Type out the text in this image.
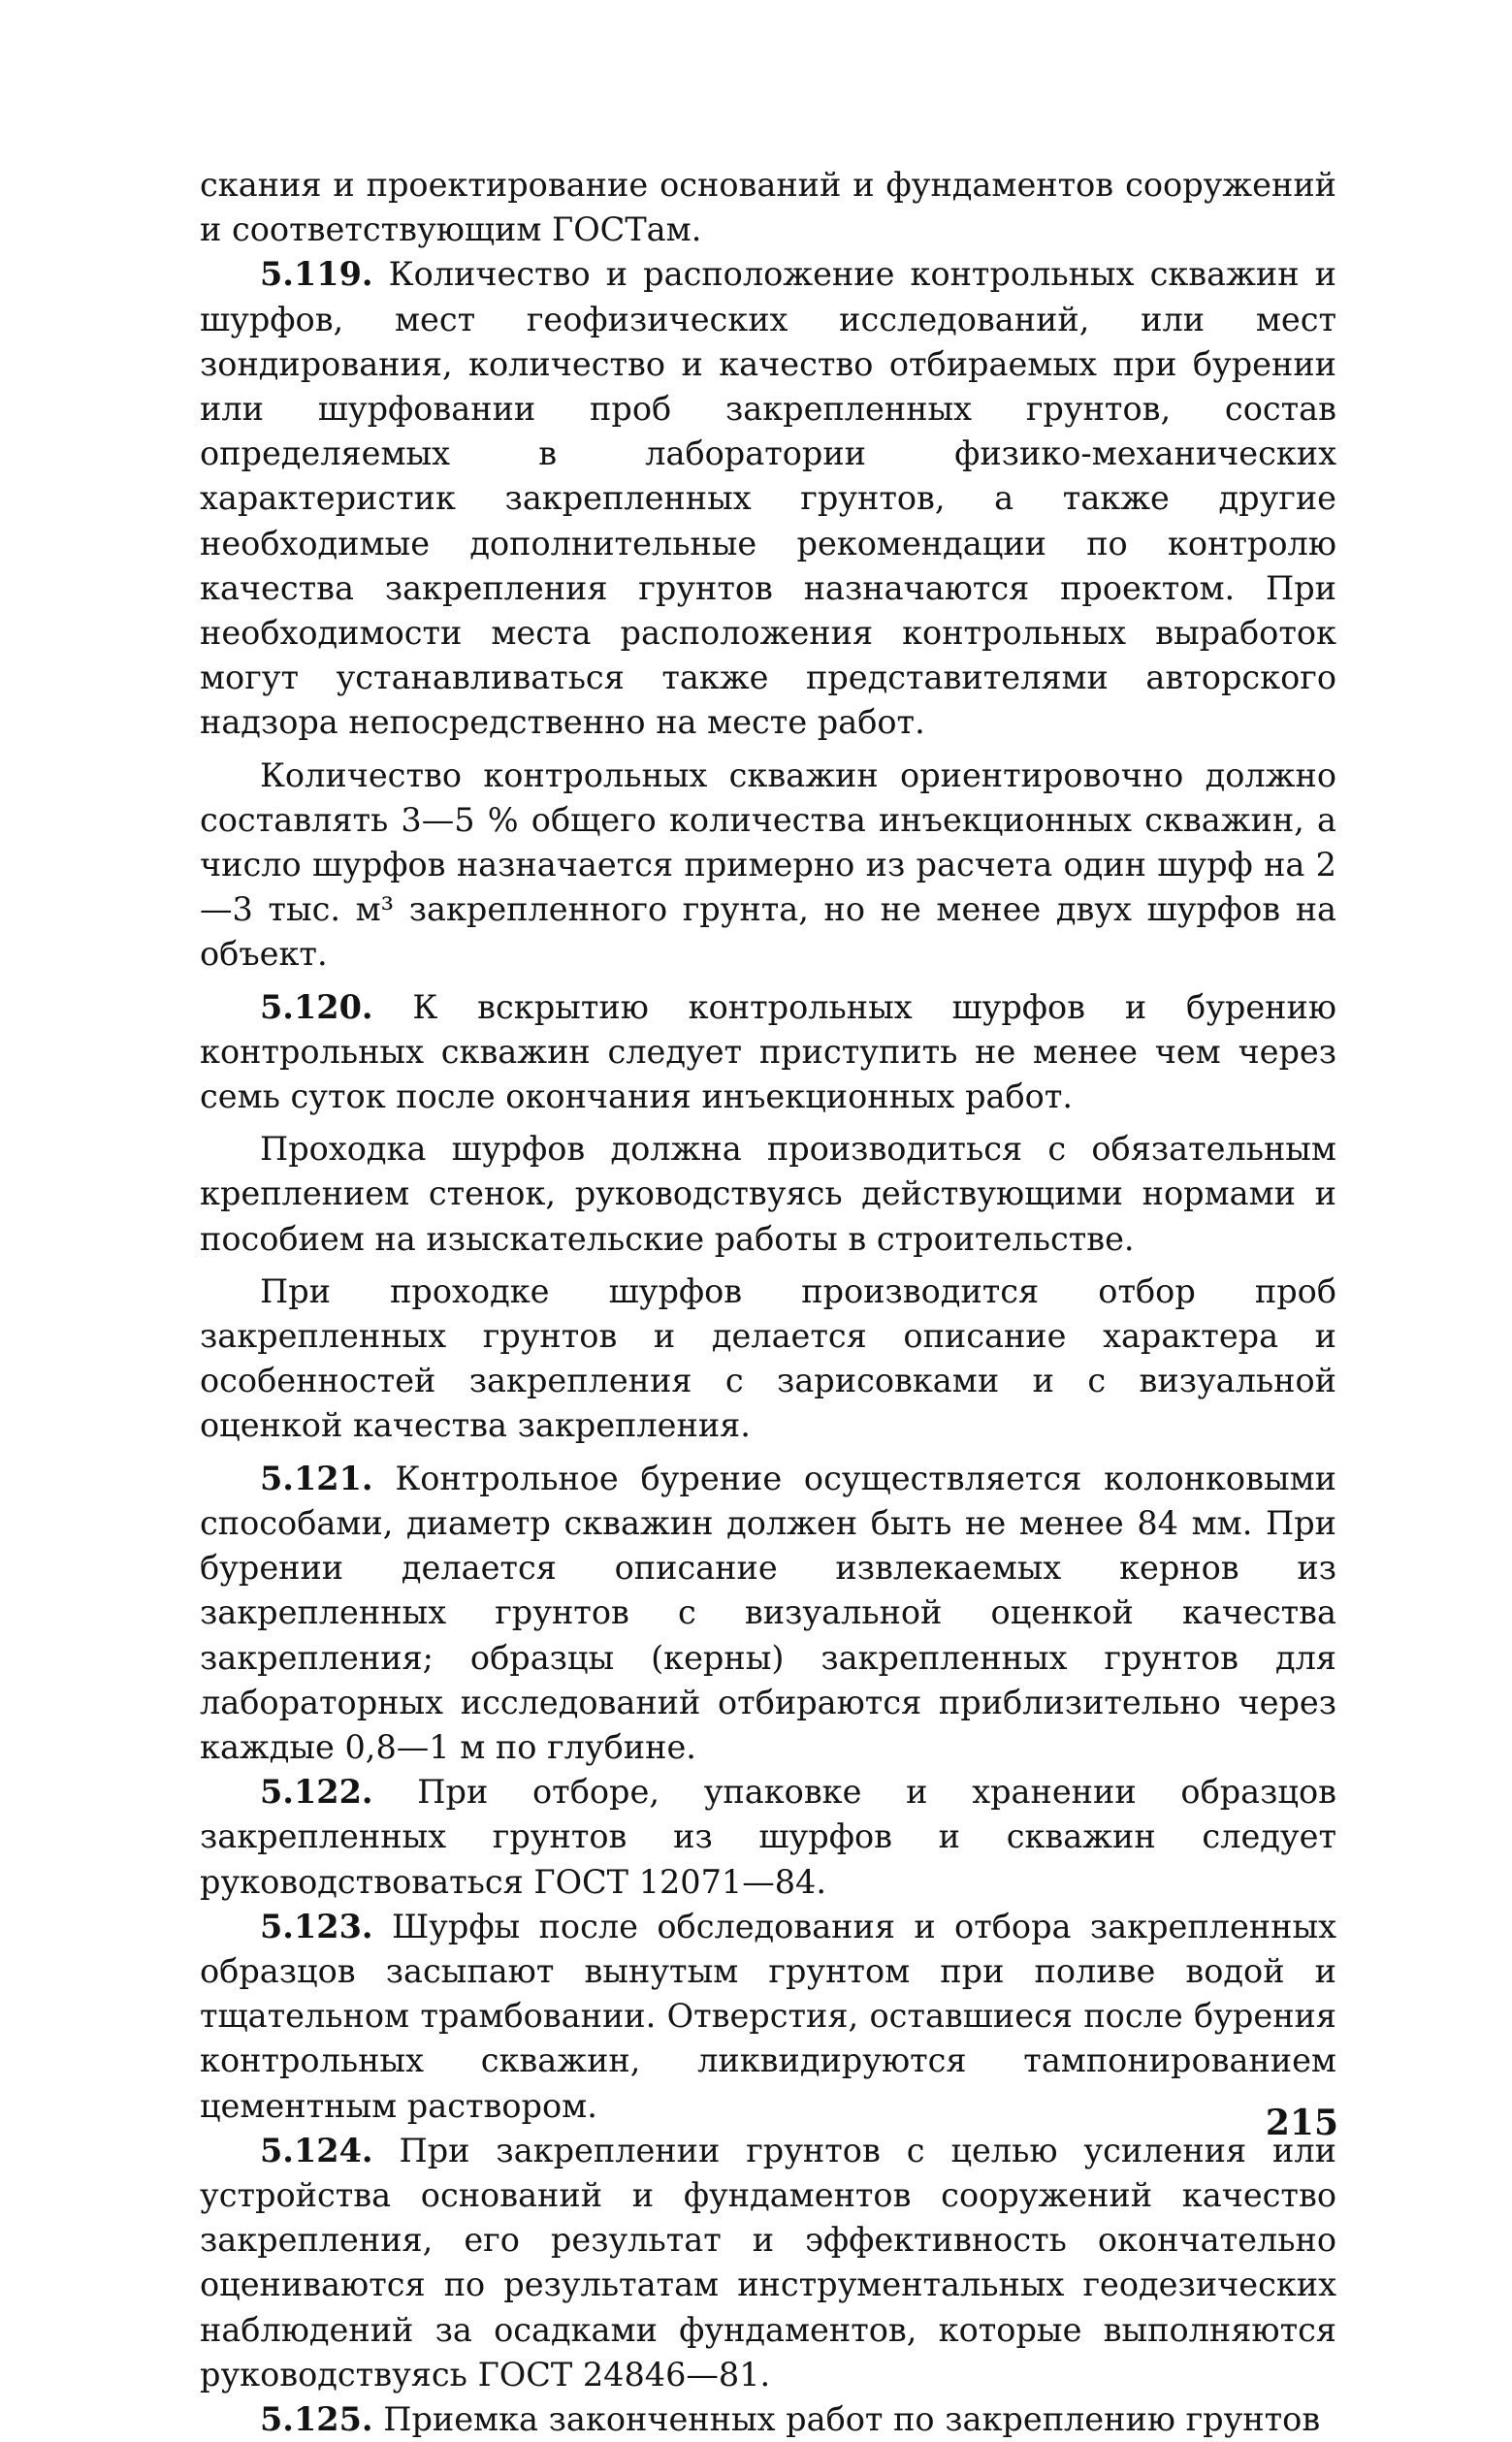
скания и проектирование оснований и фундаментов сооружений и соответствующим ГОСТам.

5.119. Количество и расположение контрольных скважин и шурфов, мест геофизических исследований, или мест зондирования, количество и качество отбираемых при бурении или шурфовании проб закрепленных грунтов, состав определяемых в лаборатории физико-механических характеристик закрепленных грунтов, а также другие необходимые дополнительные рекомендации по контролю качества закрепления грунтов назначаются проектом. При необходимости места расположения контрольных выработок могут устанавливаться также представителями авторского надзора непосредственно на месте работ.

Количество контрольных скважин ориентировочно должно составлять 3—5 % общего количества инъекционных скважин, а число шурфов назначается примерно из расчета один шурф на 2—3 тыс. м³ закрепленного грунта, но не менее двух шурфов на объект.

5.120. К вскрытию контрольных шурфов и бурению контрольных скважин следует приступить не менее чем через семь суток после окончания инъекционных работ.

Проходка шурфов должна производиться с обязательным креплением стенок, руководствуясь действующими нормами и пособием на изыскательские работы в строительстве.

При проходке шурфов производится отбор проб закрепленных грунтов и делается описание характера и особенностей закрепления с зарисовками и с визуальной оценкой качества закрепления.

5.121. Контрольное бурение осуществляется колонковыми способами, диаметр скважин должен быть не менее 84 мм. При бурении делается описание извлекаемых кернов из закрепленных грунтов с визуальной оценкой качества закрепления; образцы (керны) закрепленных грунтов для лабораторных исследований отбираются приблизительно через каждые 0,8—1 м по глубине.

5.122. При отборе, упаковке и хранении образцов закрепленных грунтов из шурфов и скважин следует руководствоваться ГОСТ 12071—84.

5.123. Шурфы после обследования и отбора закрепленных образцов засыпают вынутым грунтом при поливе водой и тщательном трамбовании. Отверстия, оставшиеся после бурения контрольных скважин, ликвидируются тампонированием цементным раствором.

5.124. При закреплении грунтов с целью усиления или устройства оснований и фундаментов сооружений качество закрепления, его результат и эффективность окончательно оцениваются по результатам инструментальных геодезических наблюдений за осадками фундаментов, которые выполняются руководствуясь ГОСТ 24846—81.

5.125. Приемка законченных работ по закреплению грунтов

215
